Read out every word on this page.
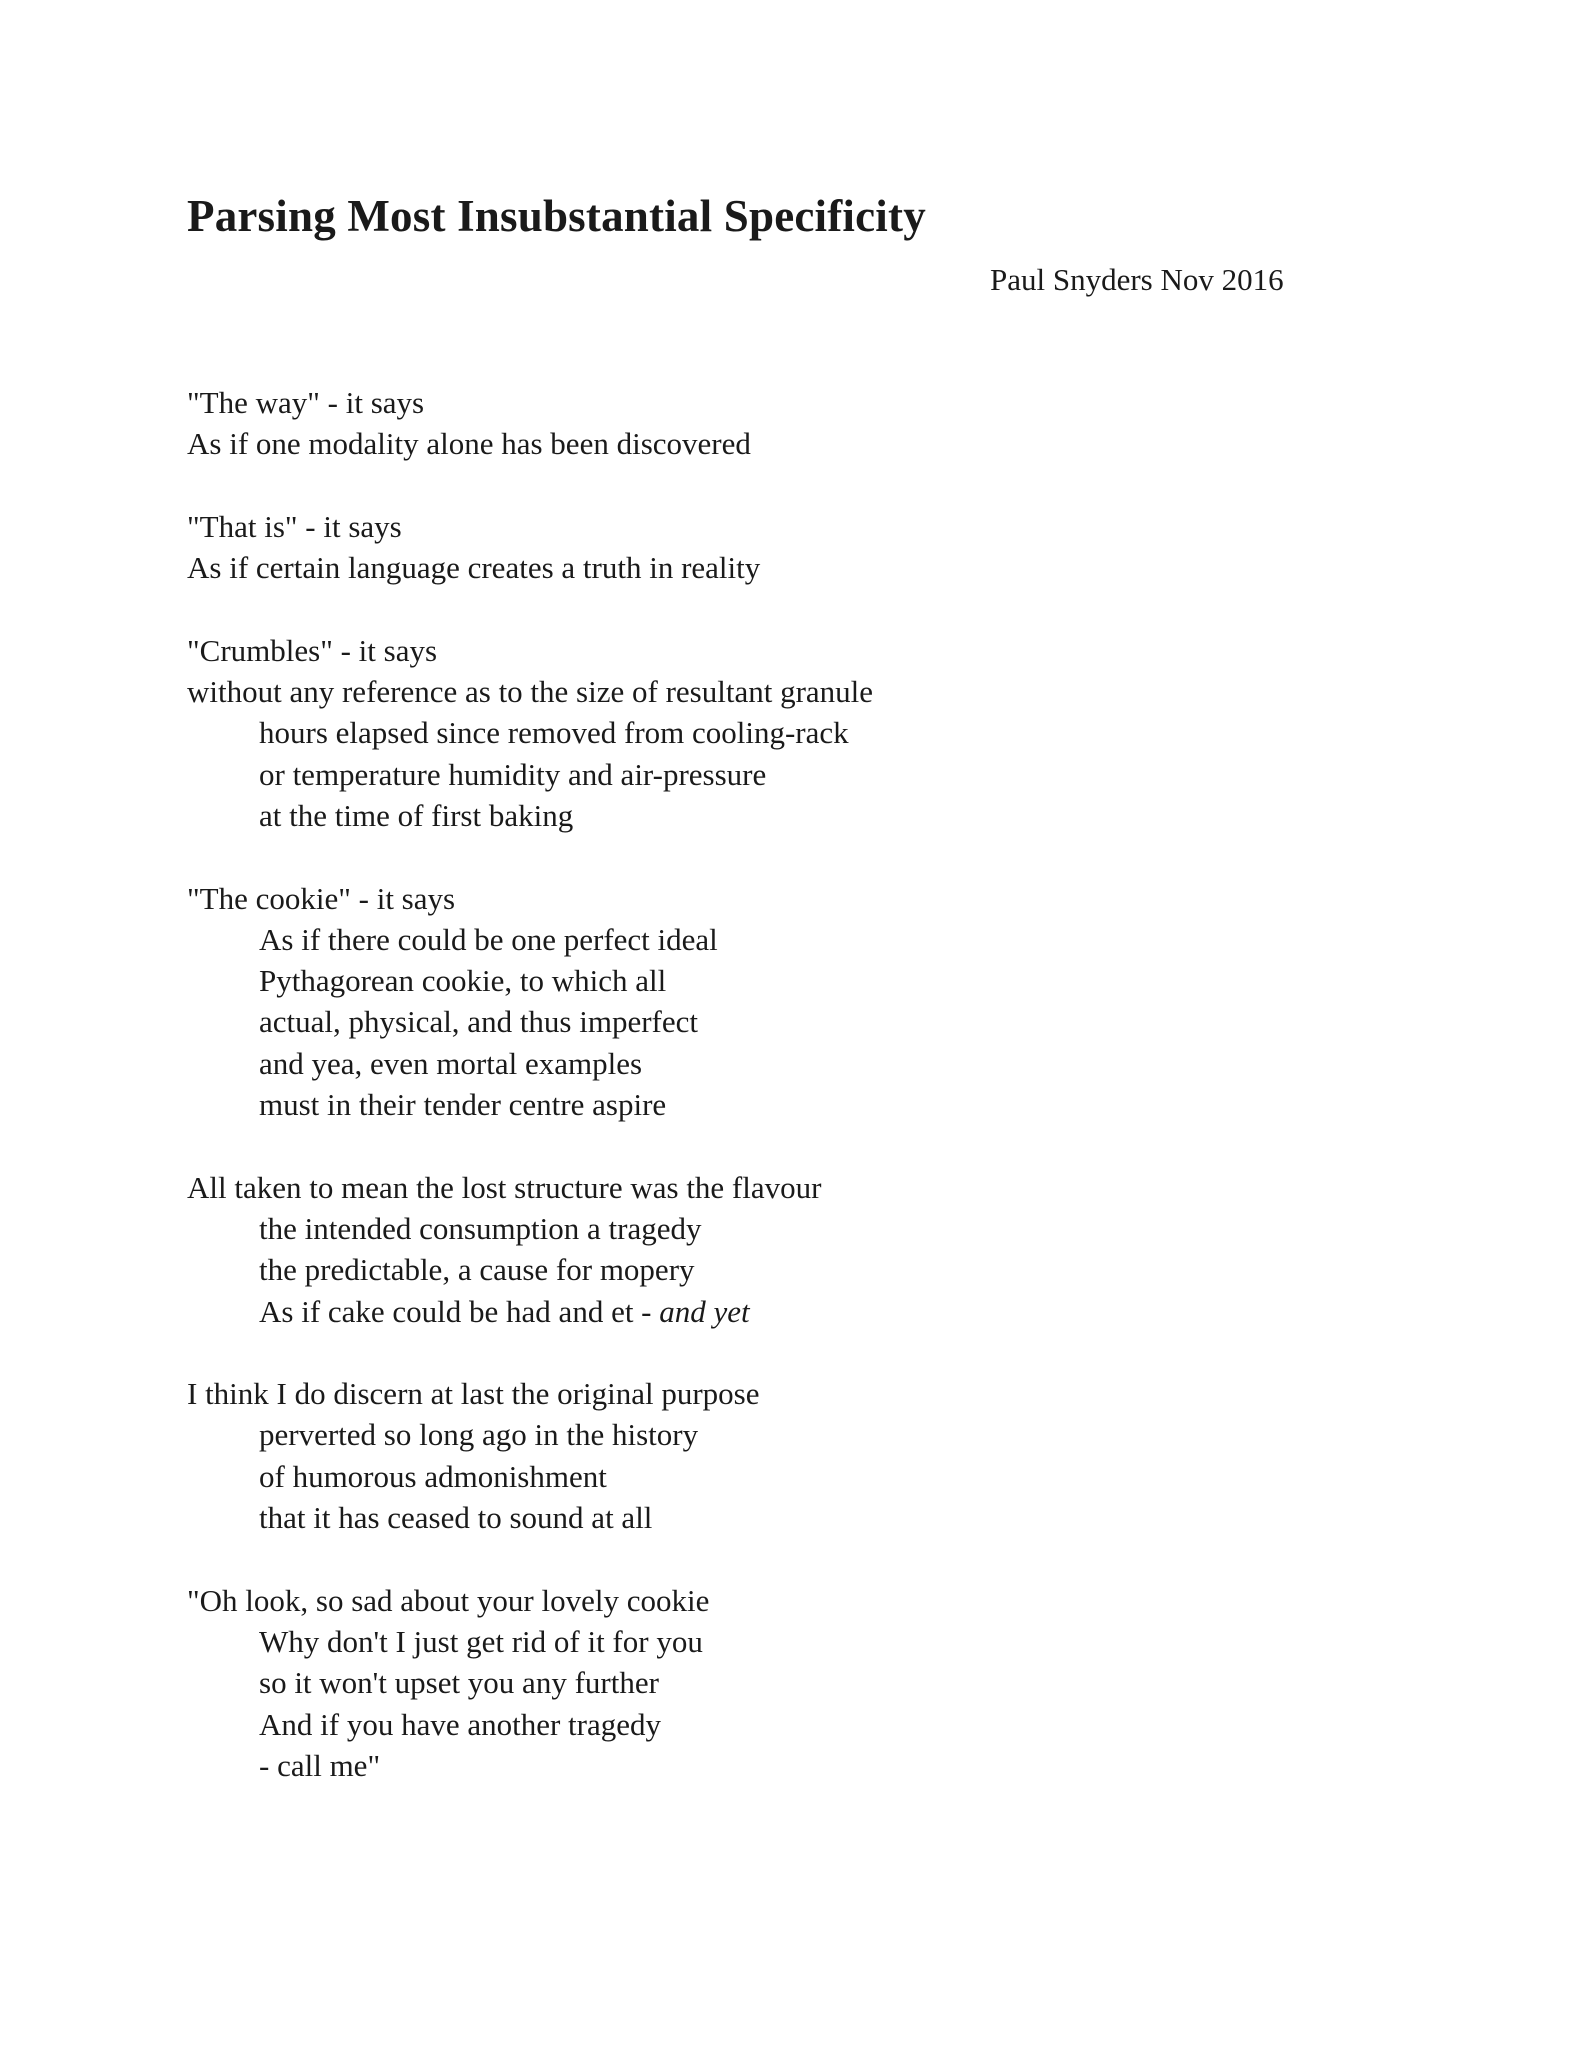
Parsing Most Insubstantial Specificity
Paul Snyders Nov 2016
"The way" - it says
As if one modality alone has been discovered
"That is" - it says
As if certain language creates a truth in reality
"Crumbles" - it says
without any reference as to the size of resultant granule
hours elapsed since removed from cooling-rack
or temperature humidity and air-pressure
at the time of first baking
"The cookie" - it says
As if there could be one perfect ideal
Pythagorean cookie, to which all
actual, physical, and thus imperfect
and yea, even mortal examples
must in their tender centre aspire
All taken to mean the lost structure was the flavour
the intended consumption a tragedy
the predictable, a cause for mopery
As if cake could be had and et - and yet
I think I do discern at last the original purpose
perverted so long ago in the history
of humorous admonishment
that it has ceased to sound at all
"Oh look, so sad about your lovely cookie
Why don't I just get rid of it for you
so it won't upset you any further
And if you have another tragedy
- call me"
